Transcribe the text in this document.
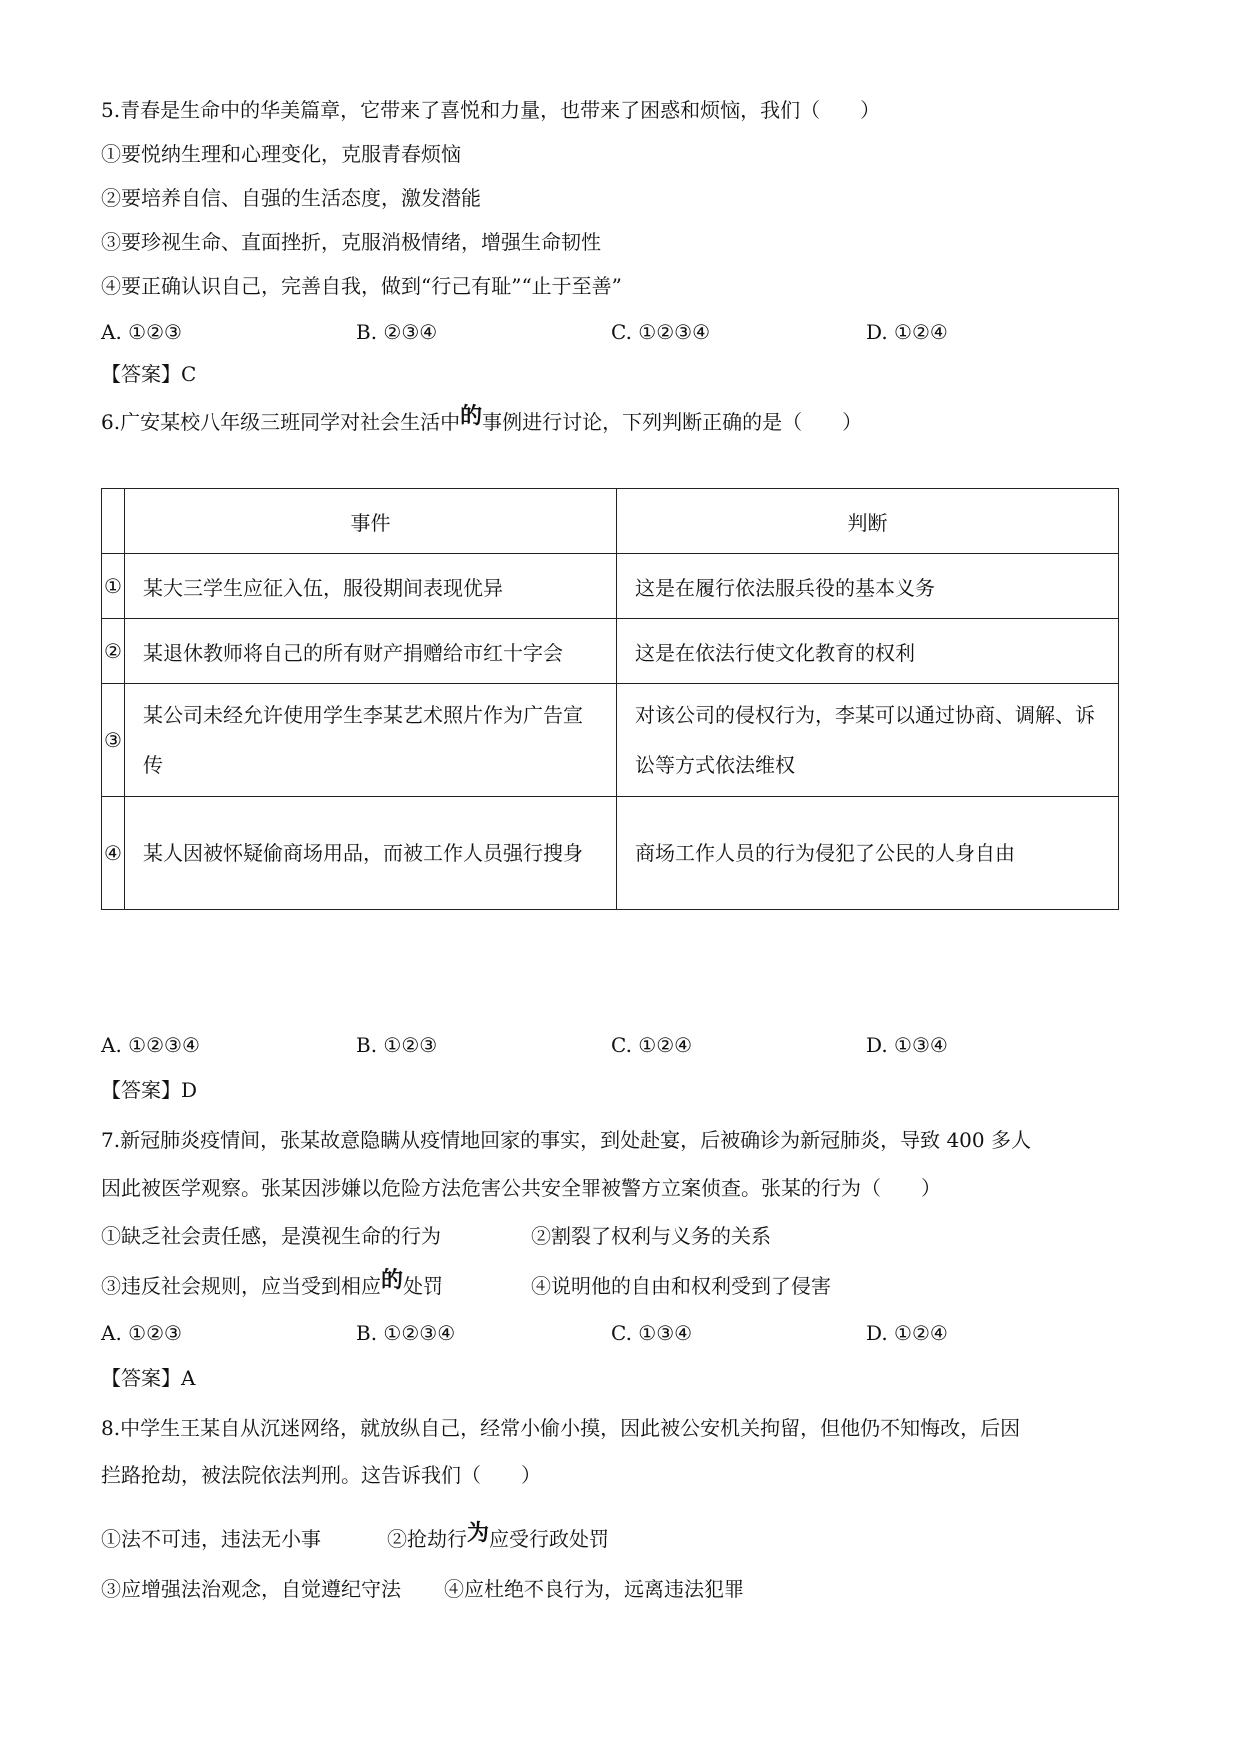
5.青春是生命中的华美篇章，它带来了喜悦和力量，也带来了困惑和烦恼，我们（　　）
①要悦纳生理和心理变化，克服青春烦恼
②要培养自信、自强的生活态度，激发潜能
③要珍视生命、直面挫折，克服消极情绪，增强生命韧性
④要正确认识自己，完善自我，做到“行己有耻”“止于至善”
A. ①②③	B. ②③④	C. ①②③④	D. ①②④
【答案】C
6.广安某校八年级三班同学对社会生活中的事例进行讨论，下列判断正确的是（　　）
	事件	判断
①	某大三学生应征入伍，服役期间表现优异	这是在履行依法服兵役的基本义务
②	某退休教师将自己的所有财产捐赠给市红十字会	这是在依法行使文化教育的权利
③	某公司未经允许使用学生李某艺术照片作为广告宣传	对该公司的侵权行为，李某可以通过协商、调解、诉讼等方式依法维权
④	某人因被怀疑偷商场用品，而被工作人员强行搜身	商场工作人员的行为侵犯了公民的人身自由
A. ①②③④	B. ①②③	C. ①②④	D. ①③④
【答案】D
7.新冠肺炎疫情间，张某故意隐瞒从疫情地回家的事实，到处赴宴，后被确诊为新冠肺炎，导致 400 多人
因此被医学观察。张某因涉嫌以危险方法危害公共安全罪被警方立案侦查。张某的行为（　　）
①缺乏社会责任感，是漠视生命的行为	②割裂了权利与义务的关系
③违反社会规则，应当受到相应的处罚	④说明他的自由和权利受到了侵害
A. ①②③	B. ①②③④	C. ①③④	D. ①②④
【答案】A
8.中学生王某自从沉迷网络，就放纵自己，经常小偷小摸，因此被公安机关拘留，但他仍不知悔改，后因
拦路抢劫，被法院依法判刑。这告诉我们（　　）
①法不可违，违法无小事	②抢劫行为应受行政处罚
③应增强法治观念，自觉遵纪守法 ④应杜绝不良行为，远离违法犯罪
